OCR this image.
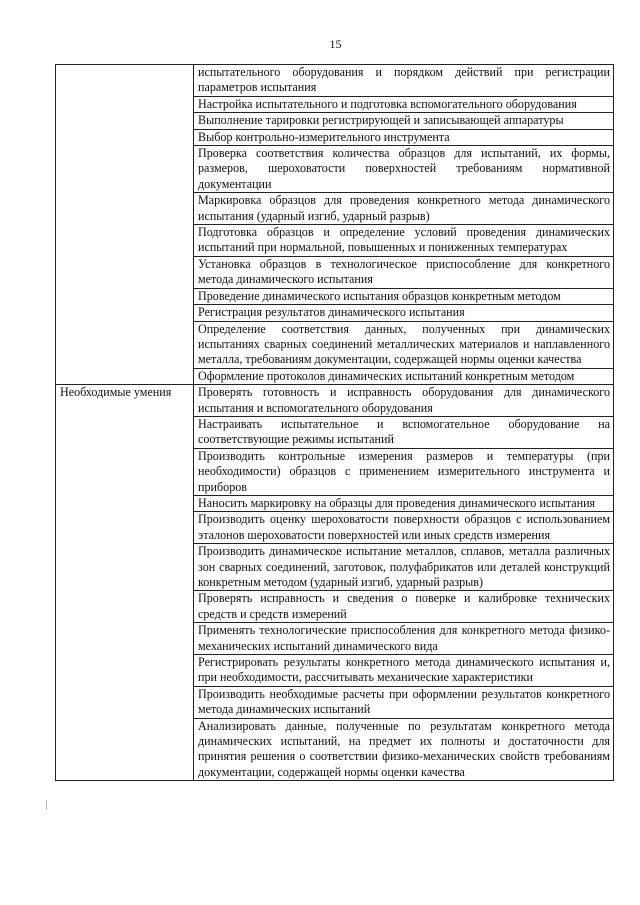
15
	испытательного оборудования и порядком действий при регистрации параметров испытания
	Настройка испытательного и подготовка вспомогательного оборудования
	Выполнение тарировки регистрирующей и записывающей аппаратуры
	Выбор контрольно-измерительного инструмента
	Проверка соответствия количества образцов для испытаний, их формы, размеров, шероховатости поверхностей требованиям нормативной документации
	Маркировка образцов для проведения конкретного метода динамического испытания (ударный изгиб, ударный разрыв)
	Подготовка образцов и определение условий проведения динамических испытаний при нормальной, повышенных и пониженных температурах
	Установка образцов в технологическое приспособление для конкретного метода динамического испытания
	Проведение динамического испытания образцов конкретным методом
	Регистрация результатов динамического испытания
	Определение соответствия данных, полученных при динамических испытаниях сварных соединений металлических материалов и наплавленного металла, требованиям документации, содержащей нормы оценки качества
	Оформление протоколов динамических испытаний конкретным методом
Необходимые умения	Проверять готовность и исправность оборудования для динамического испытания и вспомогательного оборудования
	Настраивать испытательное и вспомогательное оборудование на соответствующие режимы испытаний
	Производить контрольные измерения размеров и температуры (при необходимости) образцов с применением измерительного инструмента и приборов
	Наносить маркировку на образцы для проведения динамического испытания
	Производить оценку шероховатости поверхности образцов с использованием эталонов шероховатости поверхностей или иных средств измерения
	Производить динамическое испытание металлов, сплавов, металла различных зон сварных соединений, заготовок, полуфабрикатов или деталей конструкций конкретным методом (ударный изгиб, ударный разрыв)
	Проверять исправность и сведения о поверке и калибровке технических средств и средств измерений
	Применять технологические приспособления для конкретного метода физико-механических испытаний динамического вида
	Регистрировать результаты конкретного метода динамического испытания и, при необходимости, рассчитывать механические характеристики
	Производить необходимые расчеты при оформлении результатов конкретного метода динамических испытаний
	Анализировать данные, полученные по результатам конкретного метода динамических испытаний, на предмет их полноты и достаточности для принятия решения о соответствии физико-механических свойств требованиям документации, содержащей нормы оценки качества
